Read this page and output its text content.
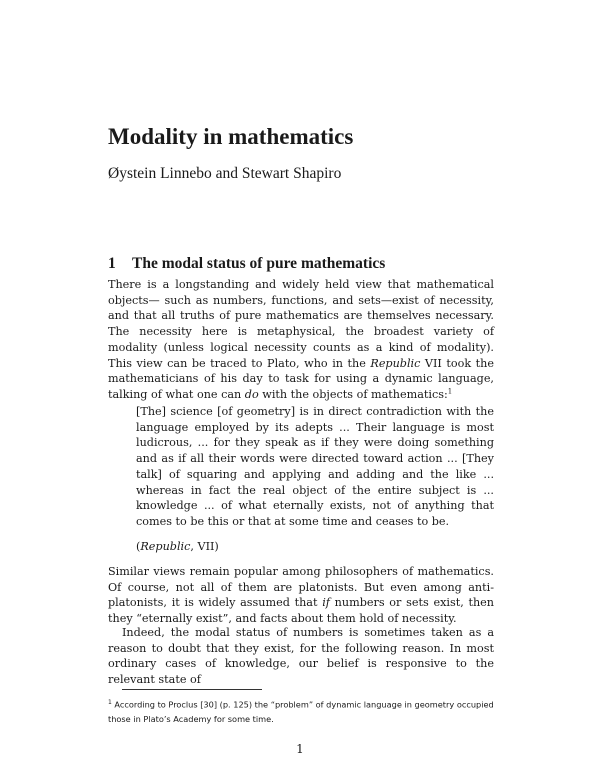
Modality in mathematics
Øystein Linnebo and Stewart Shapiro
1 The modal status of pure mathematics

There is a longstanding and widely held view that mathematical objects— such as numbers, functions, and sets—exist of necessity, and that all truths of pure mathematics are themselves necessary. The necessity here is metaphysical, the broadest variety of modality (unless logical necessity counts as a kind of modality). This view can be traced to Plato, who in the Republic VII took the mathematicians of his day to task for using a dynamic language, talking of what one can do with the objects of mathematics:$^1$

[The] science [of geometry] is in direct contradiction with the language employed by its adepts ... Their language is most ludicrous, ... for they speak as if they were doing something and as if all their words were directed toward action ... [They talk] of squaring and applying and adding and the like ... whereas in fact the real object of the entire subject is ... knowledge ... of what eternally exists, not of anything that comes to be this or that at some time and ceases to be.

(Republic, VII)

Similar views remain popular among philosophers of mathematics. Of course, not all of them are platonists. But even among anti-platonists, it is widely assumed that if numbers or sets exist, then they “eternally exist”, and facts about them hold of necessity.

Indeed, the modal status of numbers is sometimes taken as a reason to doubt that they exist, for the following reason. In most ordinary cases of knowledge, our belief is responsive to the relevant state of

$^1$ According to Proclus [30] (p. 125) the “problem” of dynamic language in geometry occupied those in Plato’s Academy for some time.

1
